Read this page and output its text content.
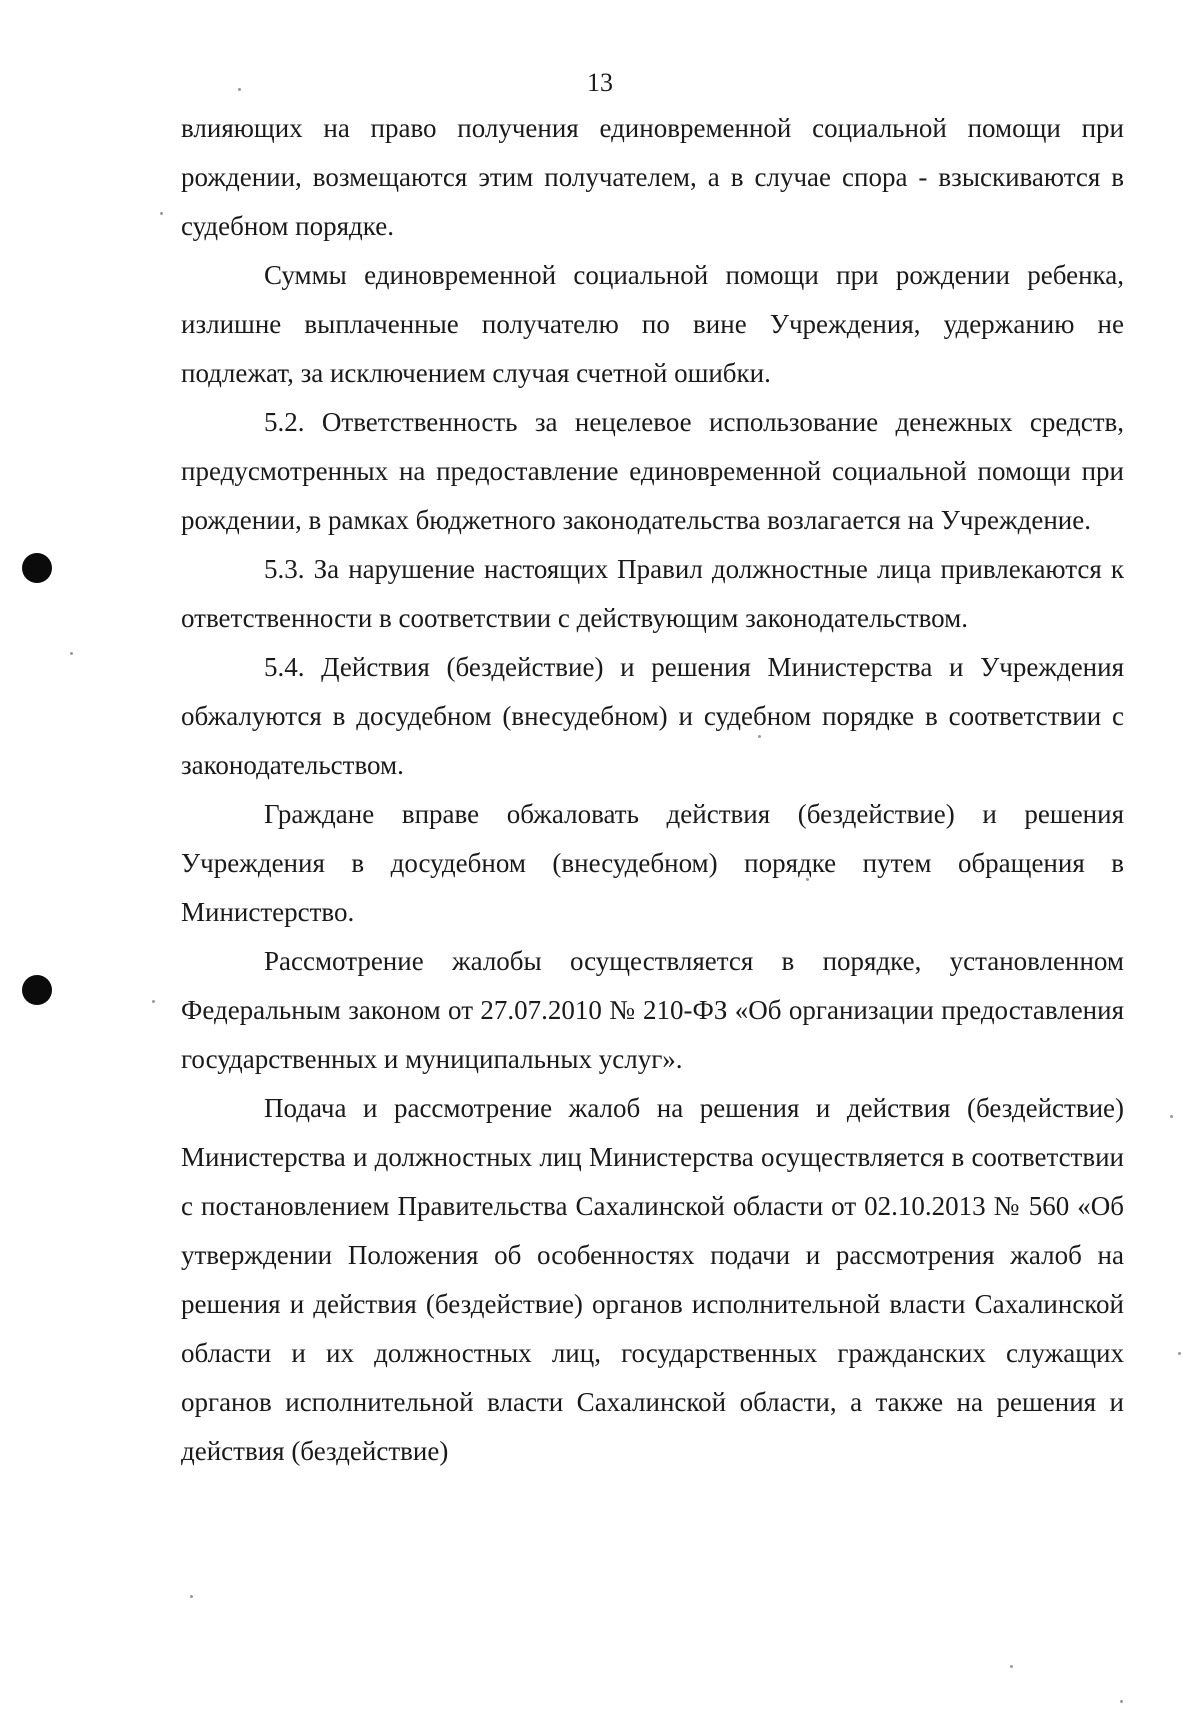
13

влияющих на право получения единовременной социальной помощи при рождении, возмещаются этим получателем, а в случае спора - взыскиваются в судебном порядке.

Суммы единовременной социальной помощи при рождении ребенка, излишне выплаченные получателю по вине Учреждения, удержанию не подлежат, за исключением случая счетной ошибки.

5.2. Ответственность за нецелевое использование денежных средств, предусмотренных на предоставление единовременной социальной помощи при рождении, в рамках бюджетного законодательства возлагается на Учреждение.

5.3. За нарушение настоящих Правил должностные лица привлекаются к ответственности в соответствии с действующим законодательством.

5.4. Действия (бездействие) и решения Министерства и Учреждения обжалуются в досудебном (внесудебном) и судебном порядке в соответствии с законодательством.

Граждане вправе обжаловать действия (бездействие) и решения Учреждения в досудебном (внесудебном) порядке путем обращения в Министерство.

Рассмотрение жалобы осуществляется в порядке, установленном Федеральным законом от 27.07.2010 № 210-ФЗ «Об организации предоставления государственных и муниципальных услуг».

Подача и рассмотрение жалоб на решения и действия (бездействие) Министерства и должностных лиц Министерства осуществляется в соответствии с постановлением Правительства Сахалинской области от 02.10.2013 № 560 «Об утверждении Положения об особенностях подачи и рассмотрения жалоб на решения и действия (бездействие) органов исполнительной власти Сахалинской области и их должностных лиц, государственных гражданских служащих органов исполнительной власти Сахалинской области, а также на решения и действия (бездействие)
